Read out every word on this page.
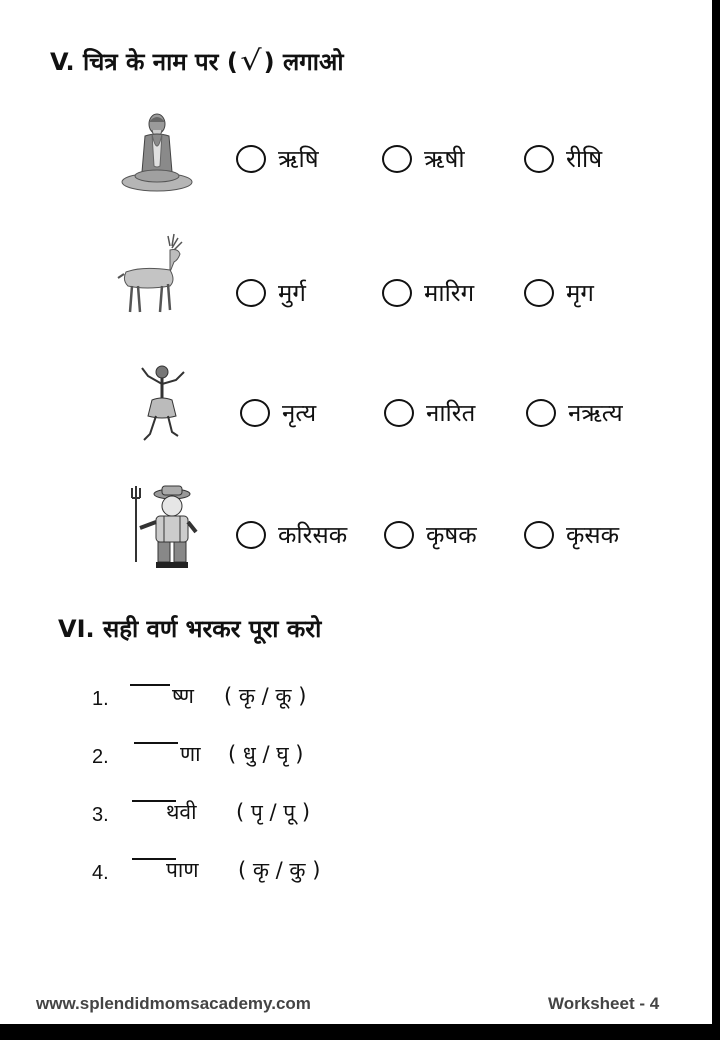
V. चित्र के नाम पर (√) लगाओ
ऋषि	ऋषी	रीषि
मुर्ग	मारिग	मृग
नृत्य	नारित	नऋत्य
करिसक	कृषक	कृसक
VI. सही वर्ण भरकर पूरा करो
1.	ष्ण ( कृ / कू )
2.	णा ( धु / घृ )
3.	थवी ( पृ / पू )
4.	पाण ( कृ / कु )
www.splendidmomsacademy.com	Worksheet - 4
